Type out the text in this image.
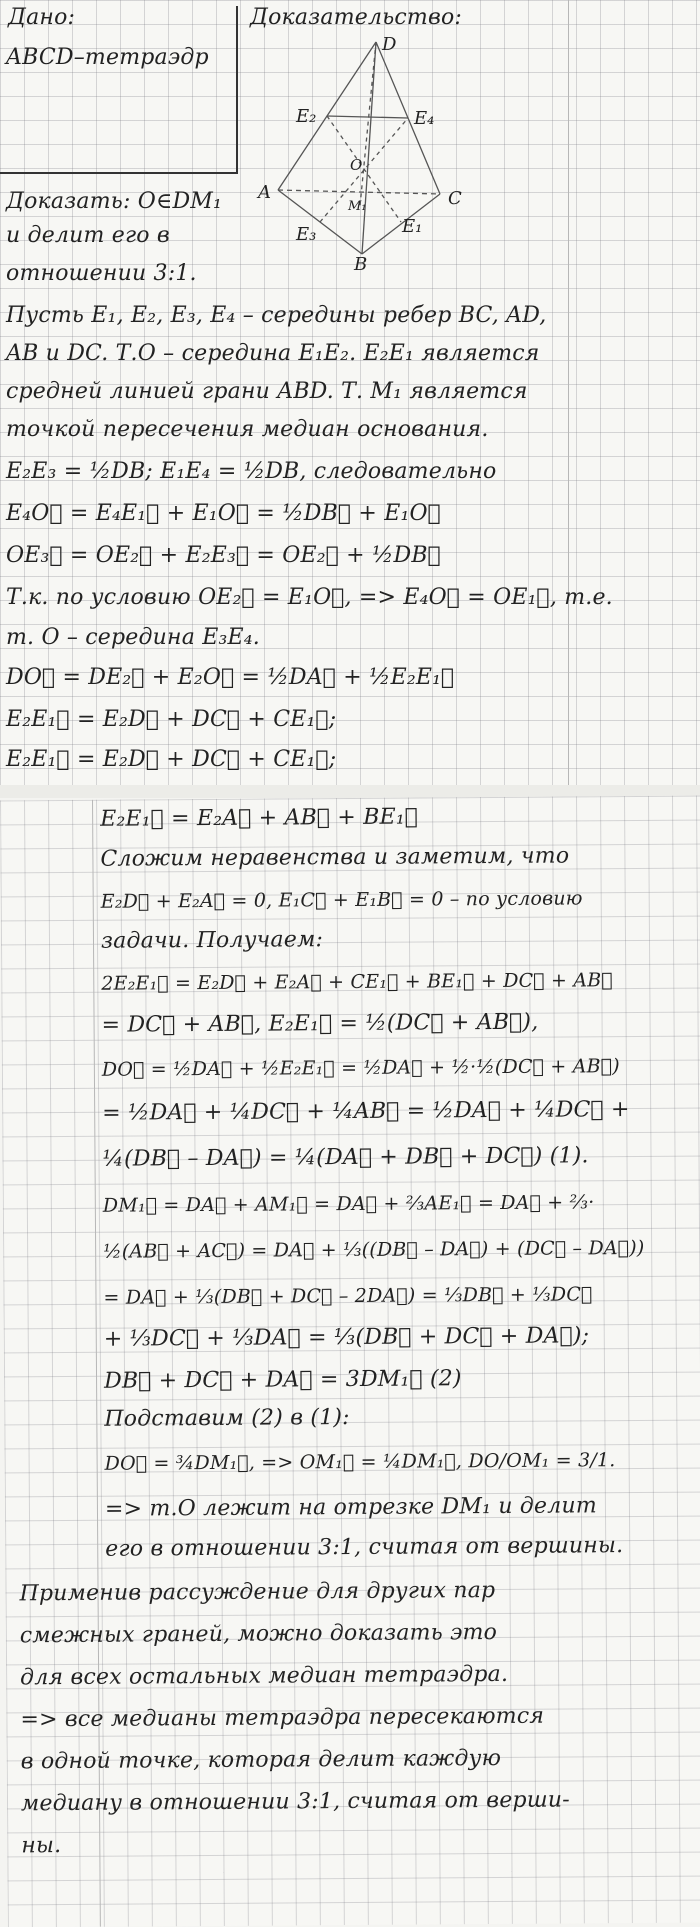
Дано:
ABCD–тетраэдр
Доказательство:
D
A	C
B
E₂	E₄
E₃	E₁
O
M₁
Доказать: O∈DM₁
и делит его в
отношении 3:1.
Пусть E₁, E₂, E₃, E₄ – середины ребер BC, AD,
AB и DC. Т.О – середина E₁E₂. E₂E₁ является
средней линией грани ABD. Т. M₁ является
точкой пересечения медиан основания.
E₂E₃ = ½DB; E₁E₄ = ½DB, следовательно
E₄O⃗ = E₄E₁⃗ + E₁O⃗ = ½DB⃗ + E₁O⃗
OE₃⃗ = OE₂⃗ + E₂E₃⃗ = OE₂⃗ + ½DB⃗
Т.к. по условию OE₂⃗ = E₁O⃗, => E₄O⃗ = OE₁⃗, т.е.
т. O – середина E₃E₄.
DO⃗ = DE₂⃗ + E₂O⃗ = ½DA⃗ + ½E₂E₁⃗
E₂E₁⃗ = E₂D⃗ + DC⃗ + CE₁⃗;
E₂E₁⃗ = E₂D⃗ + DC⃗ + CE₁⃗;
E₂E₁⃗ = E₂A⃗ + AB⃗ + BE₁⃗
Сложим неравенства и заметим, что
E₂D⃗ + E₂A⃗ = 0, E₁C⃗ + E₁B⃗ = 0 – по условию
задачи. Получаем:
2E₂E₁⃗ = E₂D⃗ + E₂A⃗ + CE₁⃗ + BE₁⃗ + DC⃗ + AB⃗
= DC⃗ + AB⃗, E₂E₁⃗ = ½(DC⃗ + AB⃗),
DO⃗ = ½DA⃗ + ½E₂E₁⃗ = ½DA⃗ + ½·½(DC⃗ + AB⃗)
= ½DA⃗ + ¼DC⃗ + ¼AB⃗ = ½DA⃗ + ¼DC⃗ +
¼(DB⃗ – DA⃗) = ¼(DA⃗ + DB⃗ + DC⃗) (1).
DM₁⃗ = DA⃗ + AM₁⃗ = DA⃗ + ⅔AE₁⃗ = DA⃗ + ⅔·
½(AB⃗ + AC⃗) = DA⃗ + ⅓((DB⃗ – DA⃗) + (DC⃗ – DA⃗))
= DA⃗ + ⅓(DB⃗ + DC⃗ – 2DA⃗) = ⅓DB⃗ + ⅓DC⃗
+ ⅓DC⃗ + ⅓DA⃗ = ⅓(DB⃗ + DC⃗ + DA⃗);
DB⃗ + DC⃗ + DA⃗ = 3DM₁⃗ (2)
Подставим (2) в (1):
DO⃗ = ¾DM₁⃗, => OM₁⃗ = ¼DM₁⃗, DO/OM₁ = 3/1.
=> т.O лежит на отрезке DM₁ и делит
его в отношении 3:1, считая от вершины.
Применив рассуждение для других пар
смежных граней, можно доказать это
для всех остальных медиан тетраэдра.
=> все медианы тетраэдра пересекаются
в одной точке, которая делит каждую
медиану в отношении 3:1, считая от верши-
ны.
